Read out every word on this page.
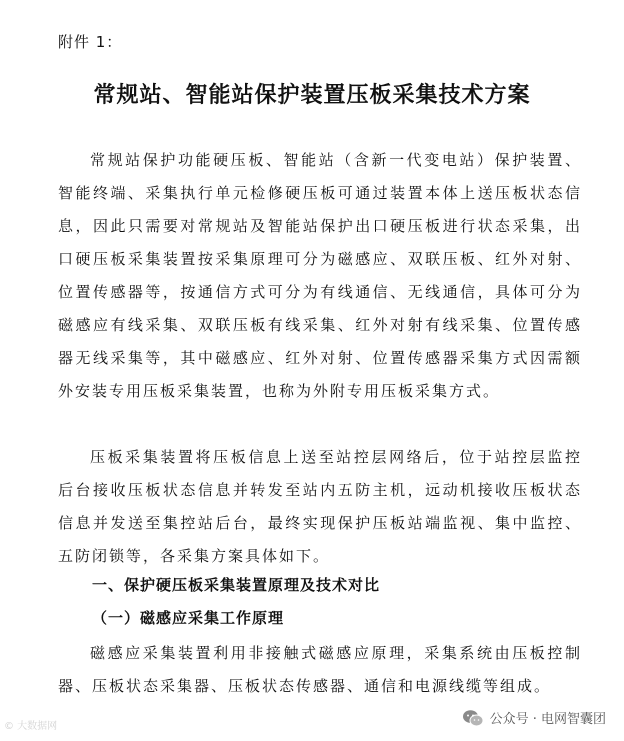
附件 1：
常规站、智能站保护装置压板采集技术方案

常规站保护功能硬压板、智能站（含新一代变电站）保护装置、智能终端、采集执行单元检修硬压板可通过装置本体上送压板状态信息，因此只需要对常规站及智能站保护出口硬压板进行状态采集，出口硬压板采集装置按采集原理可分为磁感应、双联压板、红外对射、位置传感器等，按通信方式可分为有线通信、无线通信，具体可分为磁感应有线采集、双联压板有线采集、红外对射有线采集、位置传感器无线采集等，其中磁感应、红外对射、位置传感器采集方式因需额外安装专用压板采集装置，也称为外附专用压板采集方式。

压板采集装置将压板信息上送至站控层网络后，位于站控层监控后台接收压板状态信息并转发至站内五防主机，远动机接收压板状态信息并发送至集控站后台，最终实现保护压板站端监视、集中监控、五防闭锁等，各采集方案具体如下。

一、保护硬压板采集装置原理及技术对比
（一）磁感应采集工作原理

磁感应采集装置利用非接触式磁感应原理，采集系统由压板控制器、压板状态采集器、压板状态传感器、通信和电源线缆等组成。

© 大数据网	公众号 · 电网智囊团
